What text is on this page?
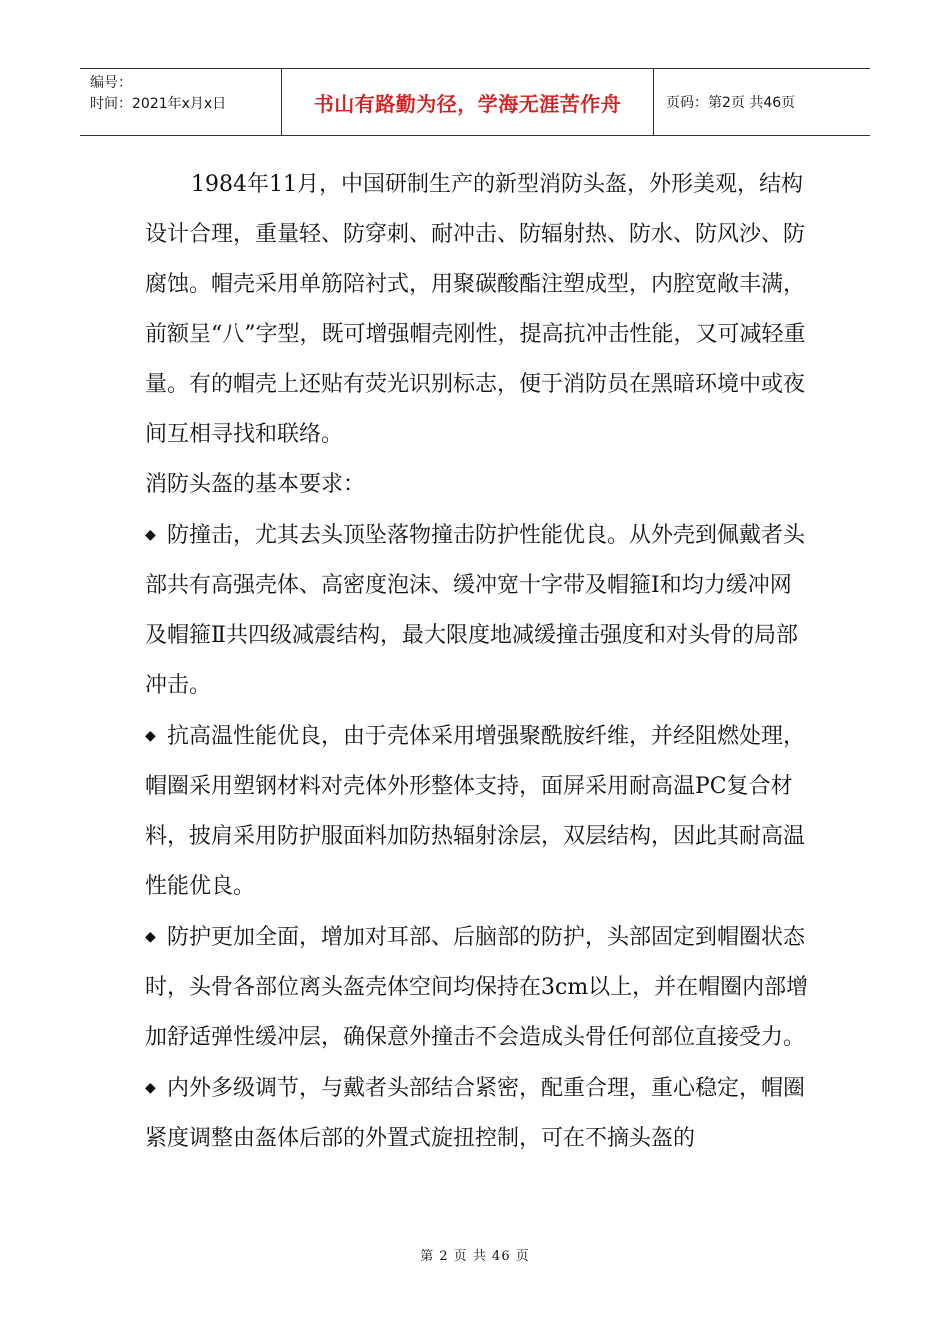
编号：
时间：2021年x月x日	书山有路勤为径，学海无涯苦作舟	页码：第2页 共46页

1984年11月，中国研制生产的新型消防头盔，外形美观，结构设计合理，重量轻、防穿刺、耐冲击、防辐射热、防水、防风沙、防腐蚀。帽壳采用单筋陪衬式，用聚碳酸酯注塑成型，内腔宽敞丰满，前额呈“八”字型，既可增强帽壳刚性，提高抗冲击性能，又可减轻重量。有的帽壳上还贴有荧光识别标志，便于消防员在黑暗环境中或夜间互相寻找和联络。

消防头盔的基本要求：

◆ 防撞击，尤其去头顶坠落物撞击防护性能优良。从外壳到佩戴者头部共有高强壳体、高密度泡沫、缓冲宽十字带及帽箍Ⅰ和均力缓冲网及帽箍Ⅱ共四级减震结构，最大限度地减缓撞击强度和对头骨的局部冲击。

◆ 抗高温性能优良，由于壳体采用增强聚酰胺纤维，并经阻燃处理，帽圈采用塑钢材料对壳体外形整体支持，面屏采用耐高温PC复合材料，披肩采用防护服面料加防热辐射涂层，双层结构，因此其耐高温性能优良。

◆ 防护更加全面，增加对耳部、后脑部的防护，头部固定到帽圈状态时，头骨各部位离头盔壳体空间均保持在3cm以上，并在帽圈内部增加舒适弹性缓冲层，确保意外撞击不会造成头骨任何部位直接受力。

◆ 内外多级调节，与戴者头部结合紧密，配重合理，重心稳定，帽圈紧度调整由盔体后部的外置式旋扭控制，可在不摘头盔的

第 2 页 共 46 页
